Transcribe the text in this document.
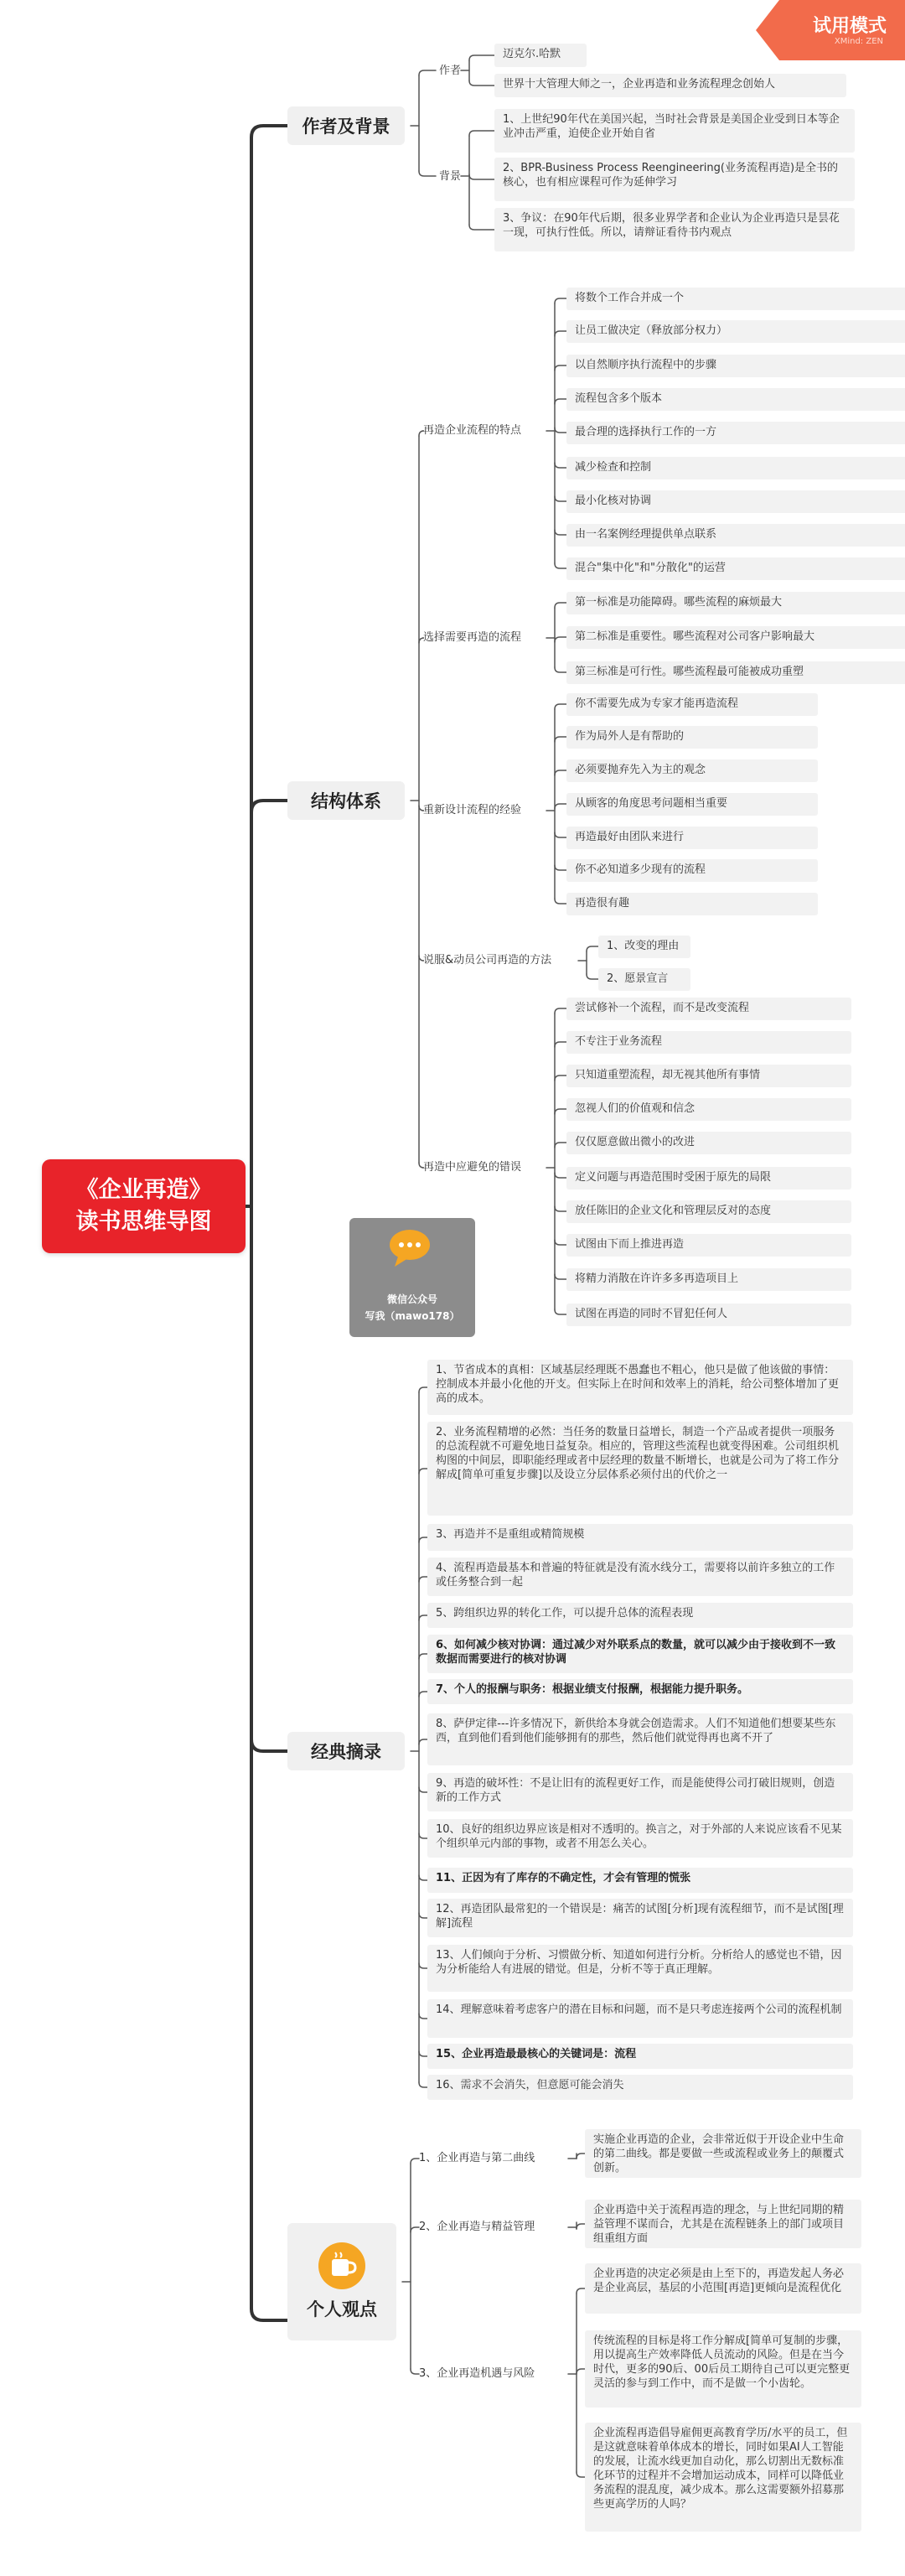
试用模式
XMind: ZEN
《企业再造》
读书思维导图
微信公众号
写我（mawo178）
作者及背景
结构体系
经典摘录
个人观点
作者
迈克尔.哈默
世界十大管理大师之一，企业再造和业务流程理念创始人
背景
1、上世纪90年代在美国兴起，当时社会背景是美国企业受到日本等企业冲击严重，迫使企业开始自省
2、BPR-Business Process Reengineering(业务流程再造)是全书的核心，也有相应课程可作为延伸学习
3、争议：在90年代后期，很多业界学者和企业认为企业再造只是昙花一现，可执行性低。所以，请辩证看待书内观点
再造企业流程的特点
将数个工作合并成一个
让员工做决定（释放部分权力）
以自然顺序执行流程中的步骤
流程包含多个版本
最合理的选择执行工作的一方
减少检查和控制
最小化核对协调
由一名案例经理提供单点联系
混合"集中化"和"分散化"的运营
选择需要再造的流程
第一标准是功能障碍。哪些流程的麻烦最大
第二标准是重要性。哪些流程对公司客户影响最大
第三标准是可行性。哪些流程最可能被成功重塑
重新设计流程的经验
你不需要先成为专家才能再造流程
作为局外人是有帮助的
必须要抛弃先入为主的观念
从顾客的角度思考问题相当重要
再造最好由团队来进行
你不必知道多少现有的流程
再造很有趣
说服&动员公司再造的方法
1、改变的理由
2、愿景宣言
再造中应避免的错误
尝试修补一个流程，而不是改变流程
不专注于业务流程
只知道重塑流程，却无视其他所有事情
忽视人们的价值观和信念
仅仅愿意做出微小的改进
定义问题与再造范围时受困于原先的局限
放任陈旧的企业文化和管理层反对的态度
试图由下而上推进再造
将精力消散在许许多多再造项目上
试图在再造的同时不冒犯任何人
1、节省成本的真相：区域基层经理既不愚蠢也不粗心，他只是做了他该做的事情：控制成本并最小化他的开支。但实际上在时间和效率上的消耗，给公司整体增加了更高的成本。
2、业务流程精增的必然：当任务的数量日益增长，制造一个产品或者提供一项服务的总流程就不可避免地日益复杂。相应的，管理这些流程也就变得困难。公司组织机构图的中间层，即职能经理或者中层经理的数量不断增长，也就是公司为了将工作分解成[简单可重复步骤]以及设立分层体系必须付出的代价之一
3、再造并不是重组或精简规模
4、流程再造最基本和普遍的特征就是没有流水线分工，需要将以前许多独立的工作或任务整合到一起
5、跨组织边界的转化工作，可以提升总体的流程表现
6、如何减少核对协调：通过减少对外联系点的数量，就可以减少由于接收到不一致数据而需要进行的核对协调
7、个人的报酬与职务：根据业绩支付报酬，根据能力提升职务。
8、萨伊定律---许多情况下，新供给本身就会创造需求。人们不知道他们想要某些东西，直到他们看到他们能够拥有的那些，然后他们就觉得再也离不开了
9、再造的破坏性：不是让旧有的流程更好工作，而是能使得公司打破旧规则，创造新的工作方式
10、良好的组织边界应该是相对不透明的。换言之，对于外部的人来说应该看不见某个组织单元内部的事物，或者不用怎么关心。
11、正因为有了库存的不确定性，才会有管理的慌张
12、再造团队最常犯的一个错误是：痛苦的试图[分析]现有流程细节，而不是试图[理解]流程
13、人们倾向于分析、习惯做分析、知道如何进行分析。分析给人的感觉也不错，因为分析能给人有进展的错觉。但是，分析不等于真正理解。
14、理解意味着考虑客户的潜在目标和问题，而不是只考虑连接两个公司的流程机制
15、企业再造最最核心的关键词是：流程
16、需求不会消失，但意愿可能会消失
1、企业再造与第二曲线
实施企业再造的企业，会非常近似于开设企业中生命的第二曲线。都是要做一些或流程或业务上的颠覆式创新。
2、企业再造与精益管理
企业再造中关于流程再造的理念，与上世纪同期的精益管理不谋而合，尤其是在流程链条上的部门或项目组重组方面
3、企业再造机遇与风险
企业再造的决定必须是由上至下的，再造发起人务必是企业高层，基层的小范围[再造]更倾向是流程优化
传统流程的目标是将工作分解成[简单可复制的步骤，用以提高生产效率降低人员流动的风险。但是在当今时代，更多的90后、00后员工期待自己可以更完整更灵活的参与到工作中，而不是做一个小齿轮。
企业流程再造倡导雇佣更高教育学历/水平的员工，但是这就意味着单体成本的增长，同时如果AI人工智能的发展，让流水线更加自动化，那么切割出无数标准化环节的过程并不会增加运动成本，同样可以降低业务流程的混乱度，减少成本。那么这需要额外招募那些更高学历的人吗？
